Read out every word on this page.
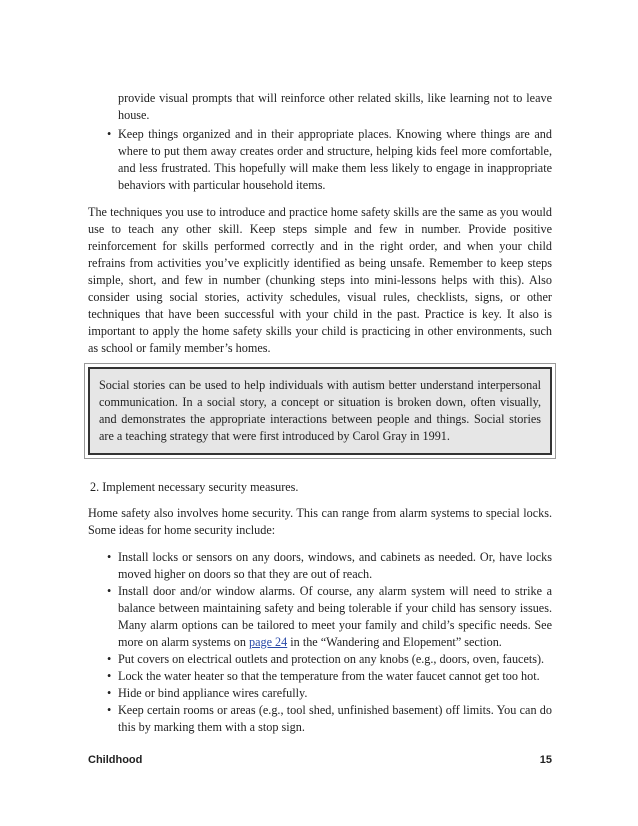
provide visual prompts that will reinforce other related skills, like learning not to leave house.

• Keep things organized and in their appropriate places. Knowing where things are and where to put them away creates order and structure, helping kids feel more comfortable, and less frustrated. This hopefully will make them less likely to engage in inappropriate behaviors with particular household items.

The techniques you use to introduce and practice home safety skills are the same as you would use to teach any other skill. Keep steps simple and few in number. Provide positive reinforcement for skills performed correctly and in the right order, and when your child refrains from activities you’ve explicitly identified as being unsafe. Remember to keep steps simple, short, and few in number (chunking steps into mini-lessons helps with this). Also consider using social stories, activity schedules, visual rules, checklists, signs, or other techniques that have been successful with your child in the past. Practice is key. It also is important to apply the home safety skills your child is practicing in other environments, such as school or family member’s homes.

Social stories can be used to help individuals with autism better understand interpersonal communication. In a social story, a concept or situation is broken down, often visually, and demonstrates the appropriate interactions between people and things. Social stories are a teaching strategy that were first introduced by Carol Gray in 1991.

2. Implement necessary security measures.

Home safety also involves home security. This can range from alarm systems to special locks. Some ideas for home security include:

• Install locks or sensors on any doors, windows, and cabinets as needed. Or, have locks moved higher on doors so that they are out of reach.
• Install door and/or window alarms. Of course, any alarm system will need to strike a balance between maintaining safety and being tolerable if your child has sensory issues. Many alarm options can be tailored to meet your family and child’s specific needs. See more on alarm systems on page 24 in the “Wandering and Elopement” section.
• Put covers on electrical outlets and protection on any knobs (e.g., doors, oven, faucets).
• Lock the water heater so that the temperature from the water faucet cannot get too hot.
• Hide or bind appliance wires carefully.
• Keep certain rooms or areas (e.g., tool shed, unfinished basement) off limits. You can do this by marking them with a stop sign.
Childhood	15
